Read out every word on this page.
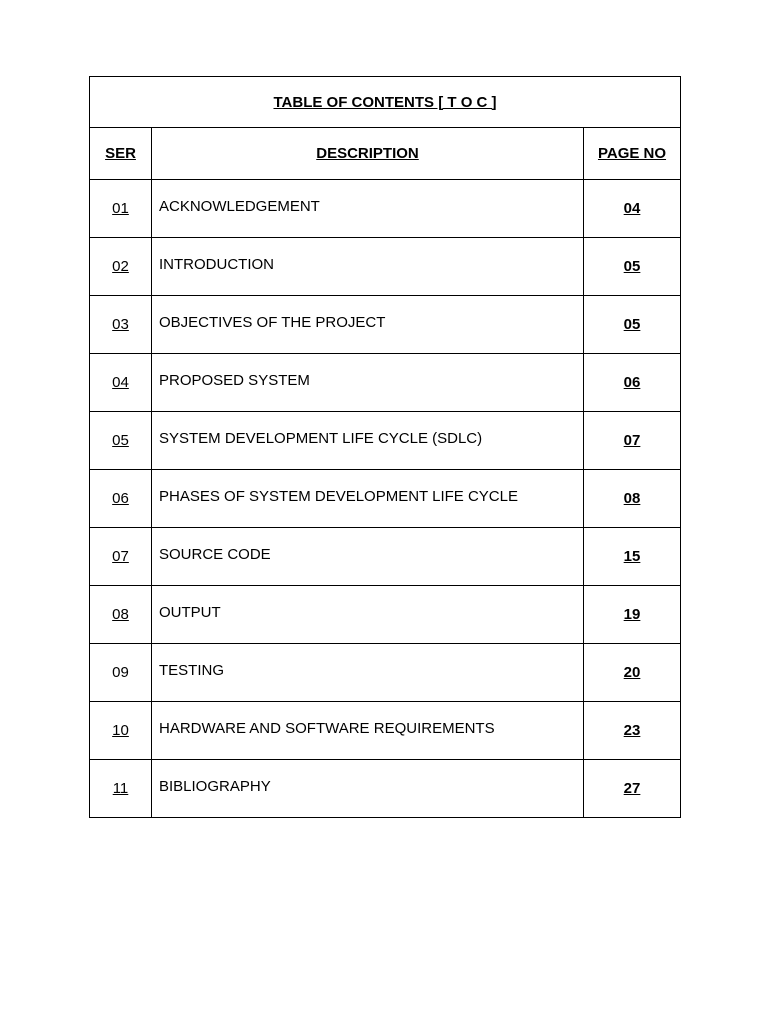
TABLE OF CONTENTS [ T O C ]		
SER	DESCRIPTION	PAGE NO
01	ACKNOWLEDGEMENT	04
02	INTRODUCTION	05
03	OBJECTIVES OF THE PROJECT	05
04	PROPOSED SYSTEM	06
05	SYSTEM DEVELOPMENT LIFE CYCLE (SDLC)	07
06	PHASES OF SYSTEM DEVELOPMENT LIFE CYCLE	08
07	SOURCE CODE	15
08	OUTPUT	19
09	TESTING	20
10	HARDWARE AND SOFTWARE REQUIREMENTS	23
11	BIBLIOGRAPHY	27
